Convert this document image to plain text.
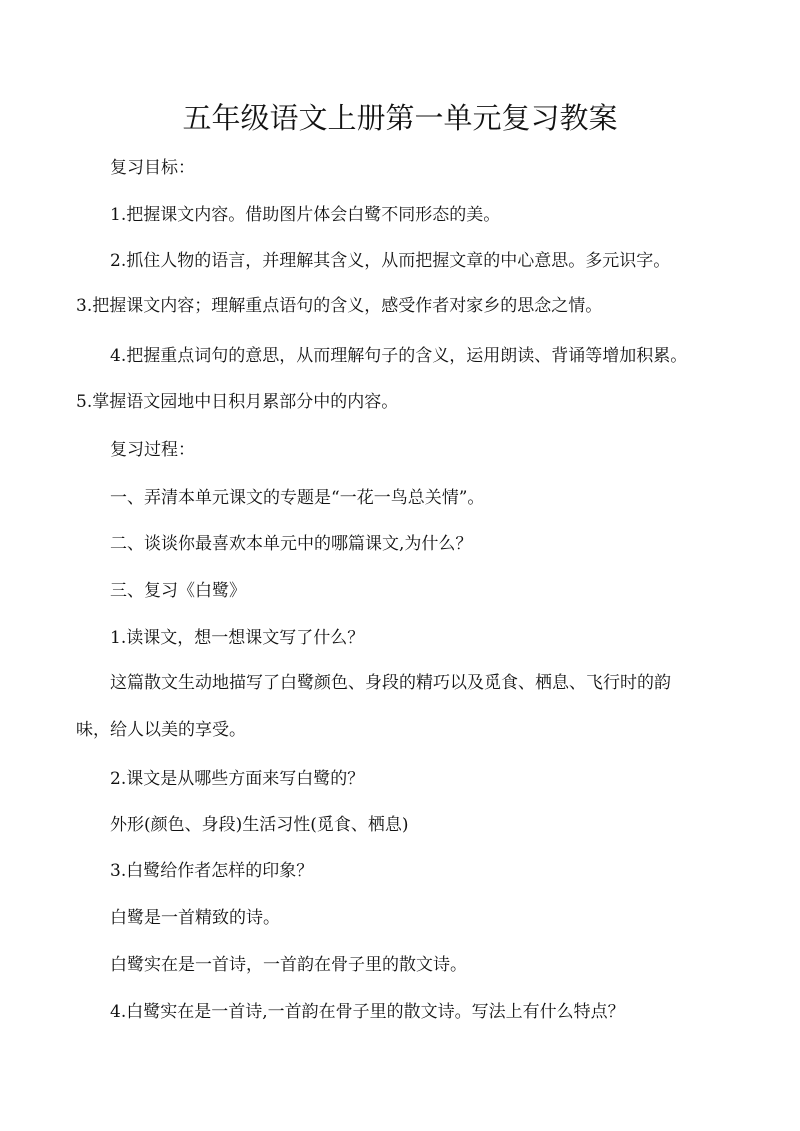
五年级语文上册第一单元复习教案
复习目标：
1.把握课文内容。借助图片体会白鹭不同形态的美。
2.抓住人物的语言，并理解其含义，从而把握文章的中心意思。多元识字。
3.把握课文内容；理解重点语句的含义，感受作者对家乡的思念之情。
4.把握重点词句的意思，从而理解句子的含义，运用朗读、背诵等增加积累。
5.掌握语文园地中日积月累部分中的内容。
复习过程：
一、弄清本单元课文的专题是“一花一鸟总关情”。
二、谈谈你最喜欢本单元中的哪篇课文,为什么？
三、复习《白鹭》
1.读课文，想一想课文写了什么？
这篇散文生动地描写了白鹭颜色、身段的精巧以及觅食、栖息、飞行时的韵
味，给人以美的享受。
2.课文是从哪些方面来写白鹭的？
外形(颜色、身段)生活习性(觅食、栖息)
3.白鹭给作者怎样的印象？
白鹭是一首精致的诗。
白鹭实在是一首诗，一首韵在骨子里的散文诗。
4.白鹭实在是一首诗,一首韵在骨子里的散文诗。写法上有什么特点？
